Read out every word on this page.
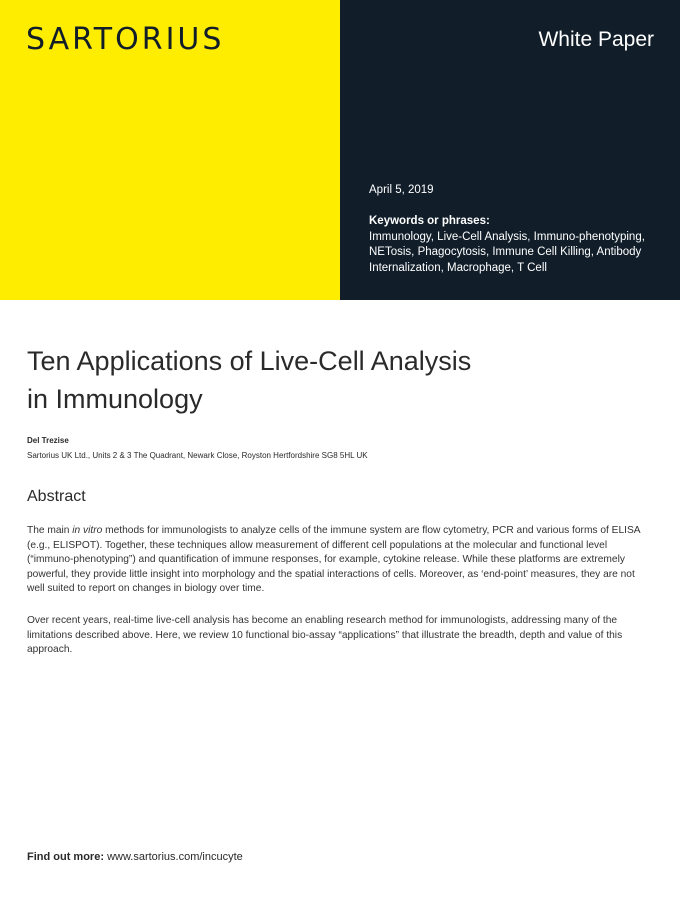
SARTORIUS	White Paper
April 5, 2019
Keywords or phrases:
Immunology, Live-Cell Analysis, Immuno-phenotyping, NETosis, Phagocytosis, Immune Cell Killing, Antibody Internalization, Macrophage, T Cell
Ten Applications of Live-Cell Analysis
in Immunology
Del Trezise
Sartorius UK Ltd., Units 2 & 3 The Quadrant, Newark Close, Royston Hertfordshire SG8 5HL UK
Abstract

The main in vitro methods for immunologists to analyze cells of the immune system are flow cytometry, PCR and various forms of ELISA (e.g., ELISPOT). Together, these techniques allow measurement of different cell populations at the molecular and functional level (“immuno-phenotyping”) and quantification of immune responses, for example, cytokine release. While these platforms are extremely powerful, they provide little insight into morphology and the spatial interactions of cells. Moreover, as ‘end-point’ measures, they are not well suited to report on changes in biology over time.

Over recent years, real-time live-cell analysis has become an enabling research method for immunologists, addressing many of the limitations described above. Here, we review 10 functional bio-assay “applications” that illustrate the breadth, depth and value of this approach.

Find out more: www.sartorius.com/incucyte
